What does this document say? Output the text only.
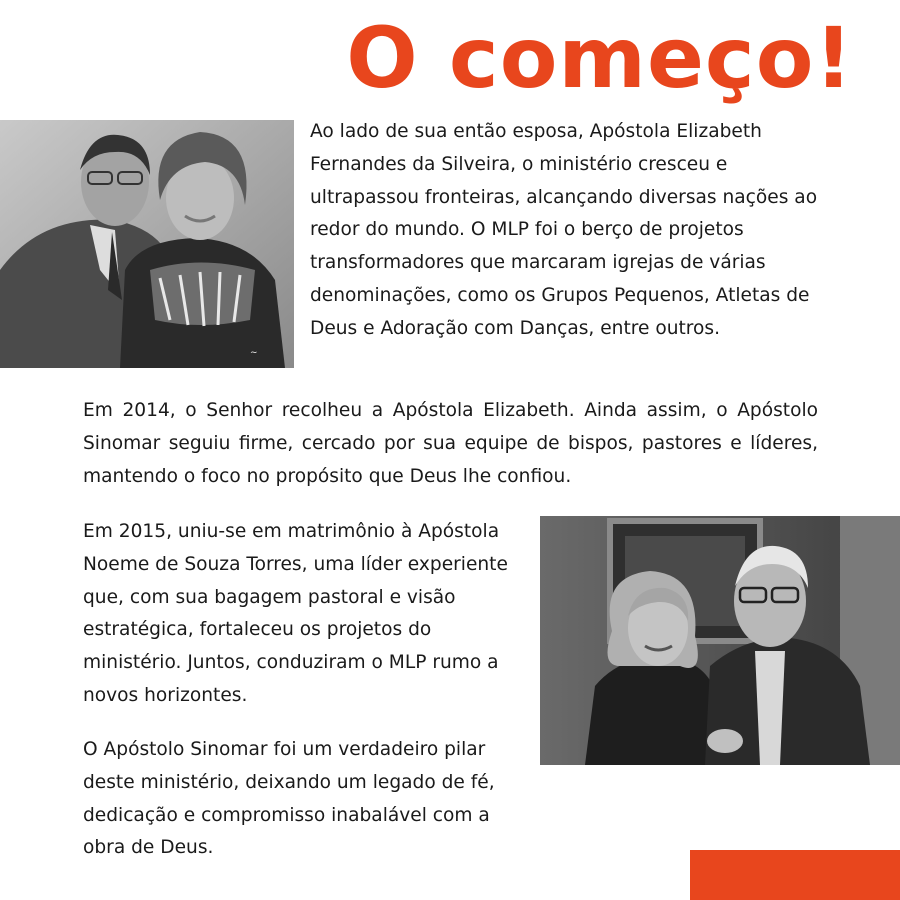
O começo!
~

Ao lado de sua então esposa, Apóstola Elizabeth Fernandes da Silveira, o ministério cresceu e ultrapassou fronteiras, alcançando diversas nações ao redor do mundo. O MLP foi o berço de projetos transformadores que marcaram igrejas de várias denominações, como os Grupos Pequenos, Atletas de Deus e Adoração com Danças, entre outros.

Em 2014, o Senhor recolheu a Apóstola Elizabeth. Ainda assim, o Apóstolo Sinomar seguiu firme, cercado por sua equipe de bispos, pastores e líderes, mantendo o foco no propósito que Deus lhe confiou.

Em 2015, uniu-se em matrimônio à Apóstola Noeme de Souza Torres, uma líder experiente que, com sua bagagem pastoral e visão estratégica, fortaleceu os projetos do ministério. Juntos, conduziram o MLP rumo a novos horizontes.

O Apóstolo Sinomar foi um verdadeiro pilar deste ministério, deixando um legado de fé, dedicação e compromisso inabalável com a obra de Deus.
